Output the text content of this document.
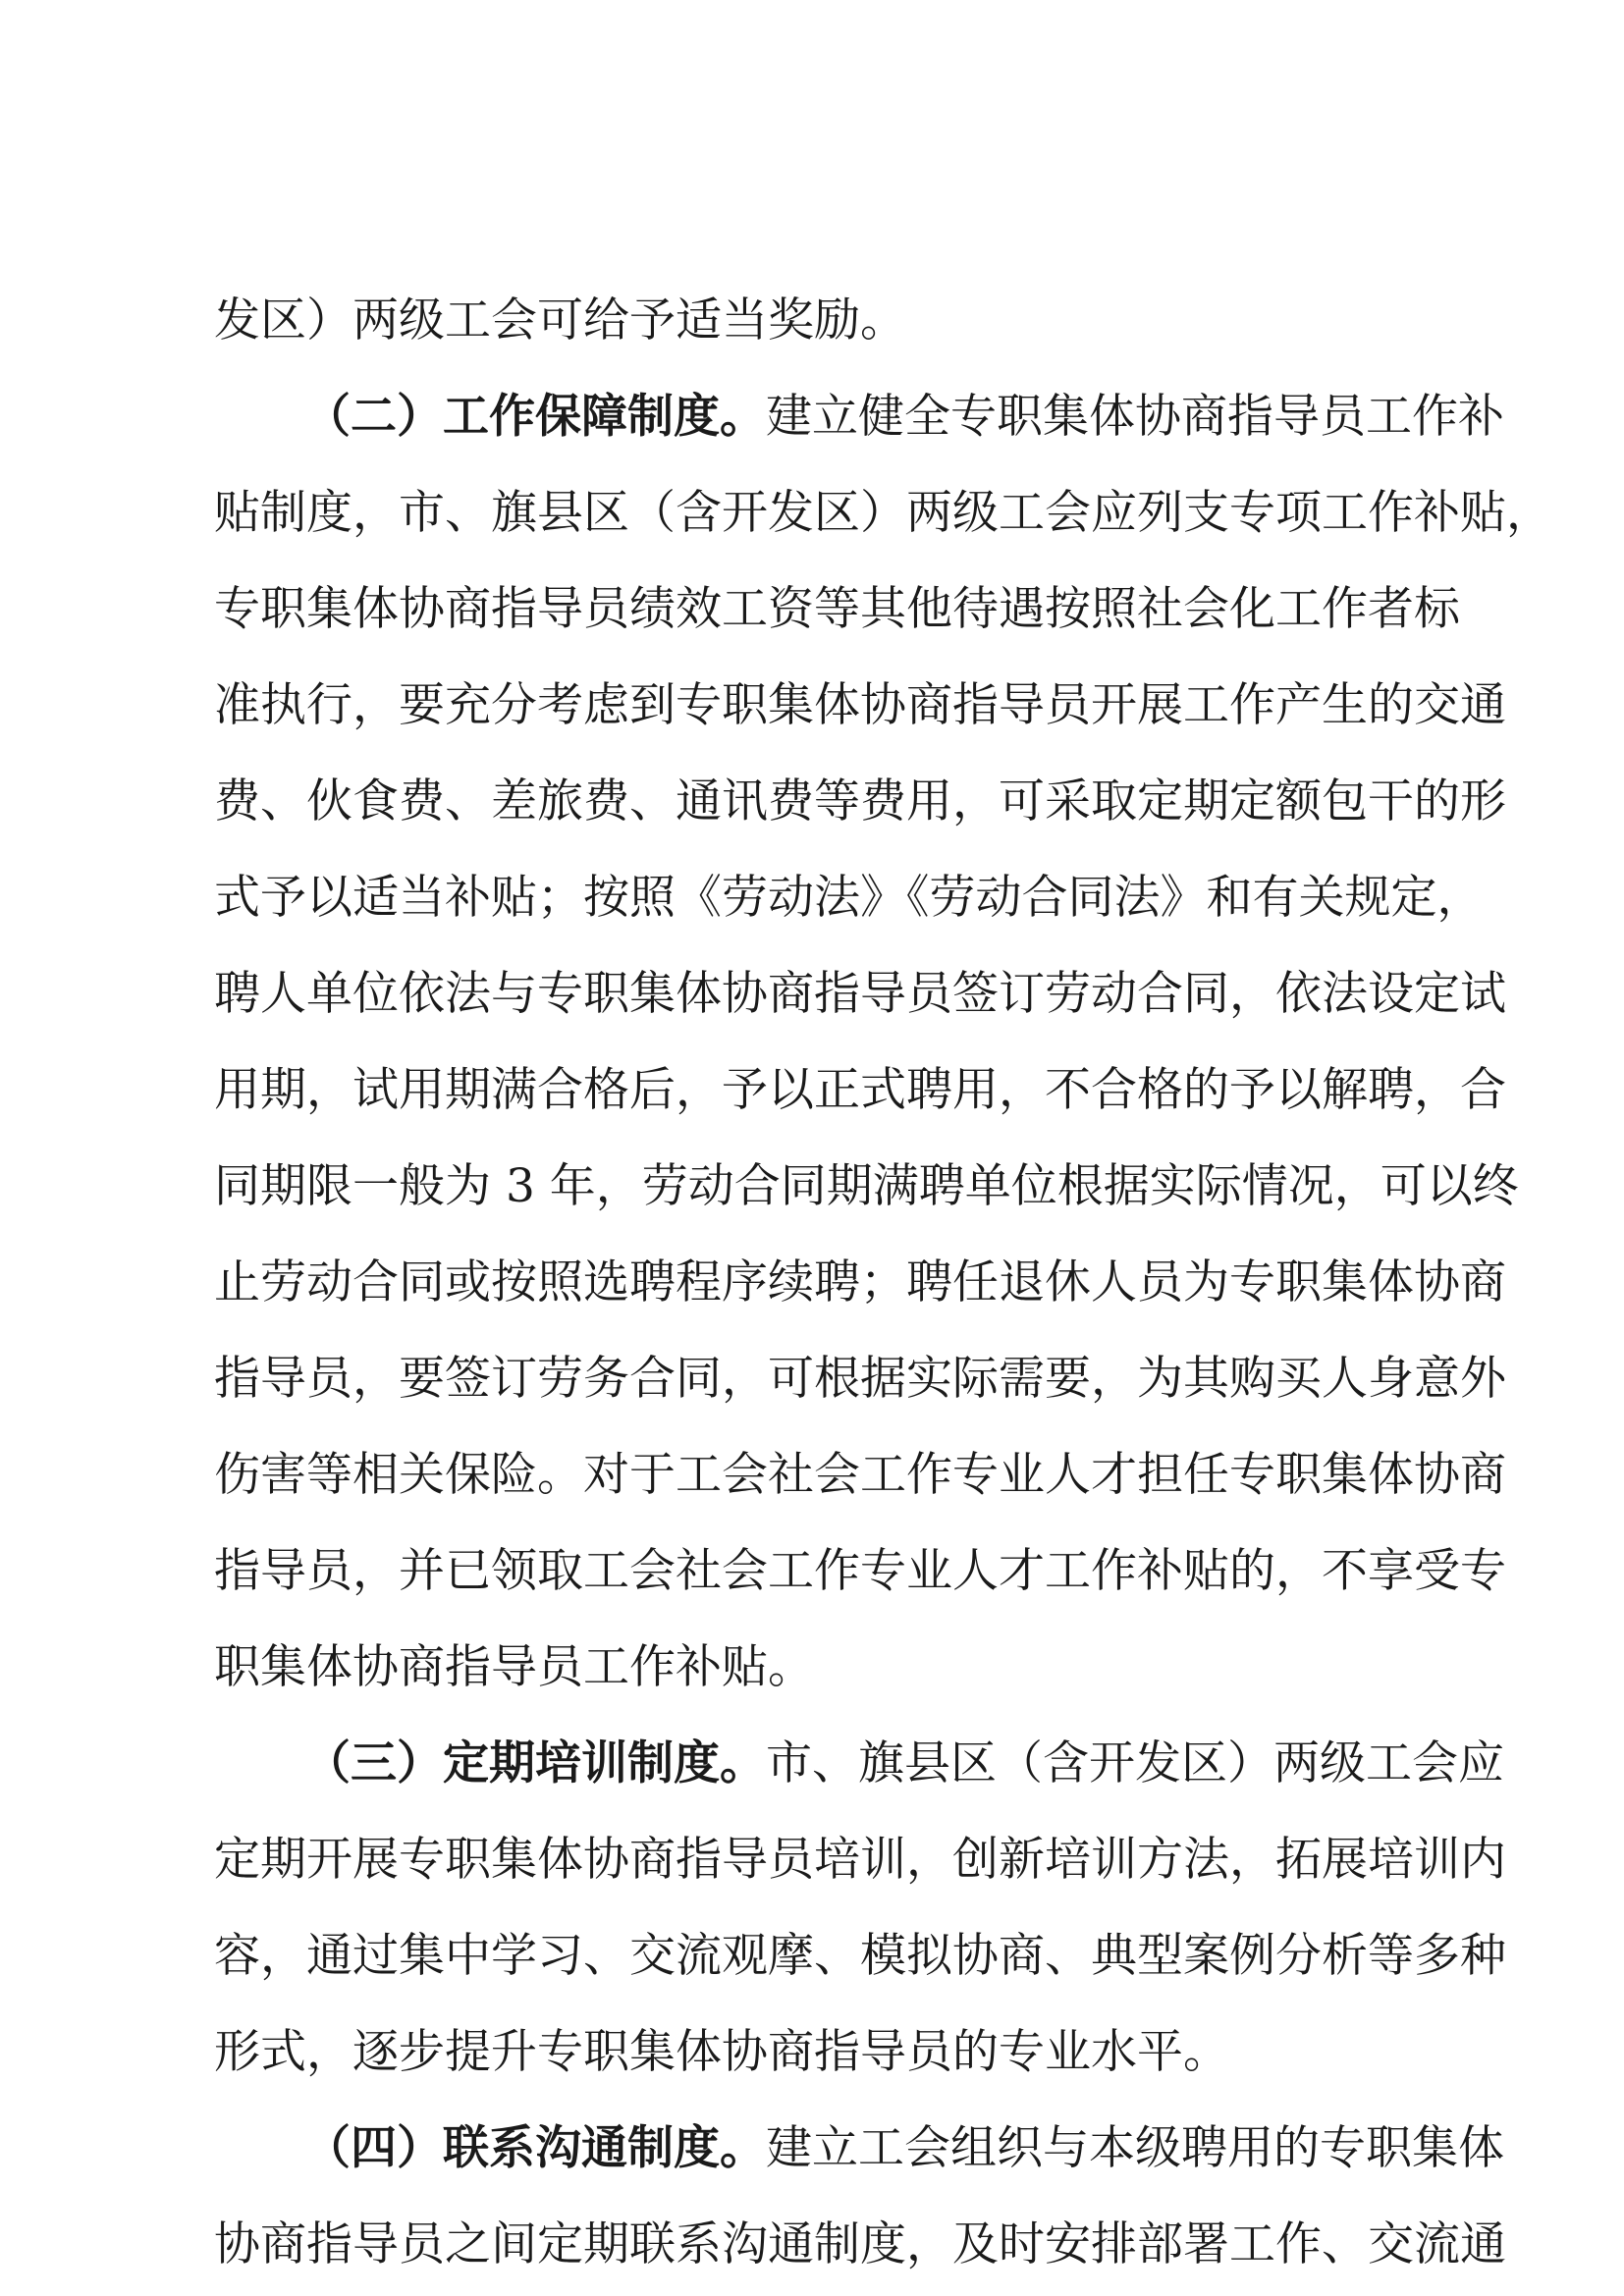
发区）两级工会可给予适当奖励。
（二）工作保障制度。建立健全专职集体协商指导员工作补
贴制度，市、旗县区（含开发区）两级工会应列支专项工作补贴，
专职集体协商指导员绩效工资等其他待遇按照社会化工作者标
准执行，要充分考虑到专职集体协商指导员开展工作产生的交通
费、伙食费、差旅费、通讯费等费用，可采取定期定额包干的形
式予以适当补贴；按照《劳动法》《劳动合同法》和有关规定，
聘人单位依法与专职集体协商指导员签订劳动合同，依法设定试
用期，试用期满合格后，予以正式聘用，不合格的予以解聘，合
同期限一般为 3 年，劳动合同期满聘单位根据实际情况，可以终
止劳动合同或按照选聘程序续聘；聘任退休人员为专职集体协商
指导员，要签订劳务合同，可根据实际需要，为其购买人身意外
伤害等相关保险。对于工会社会工作专业人才担任专职集体协商
指导员，并已领取工会社会工作专业人才工作补贴的，不享受专
职集体协商指导员工作补贴。
（三）定期培训制度。市、旗县区（含开发区）两级工会应
定期开展专职集体协商指导员培训，创新培训方法，拓展培训内
容，通过集中学习、交流观摩、模拟协商、典型案例分析等多种
形式，逐步提升专职集体协商指导员的专业水平。
（四）联系沟通制度。建立工会组织与本级聘用的专职集体
协商指导员之间定期联系沟通制度，及时安排部署工作、交流通
